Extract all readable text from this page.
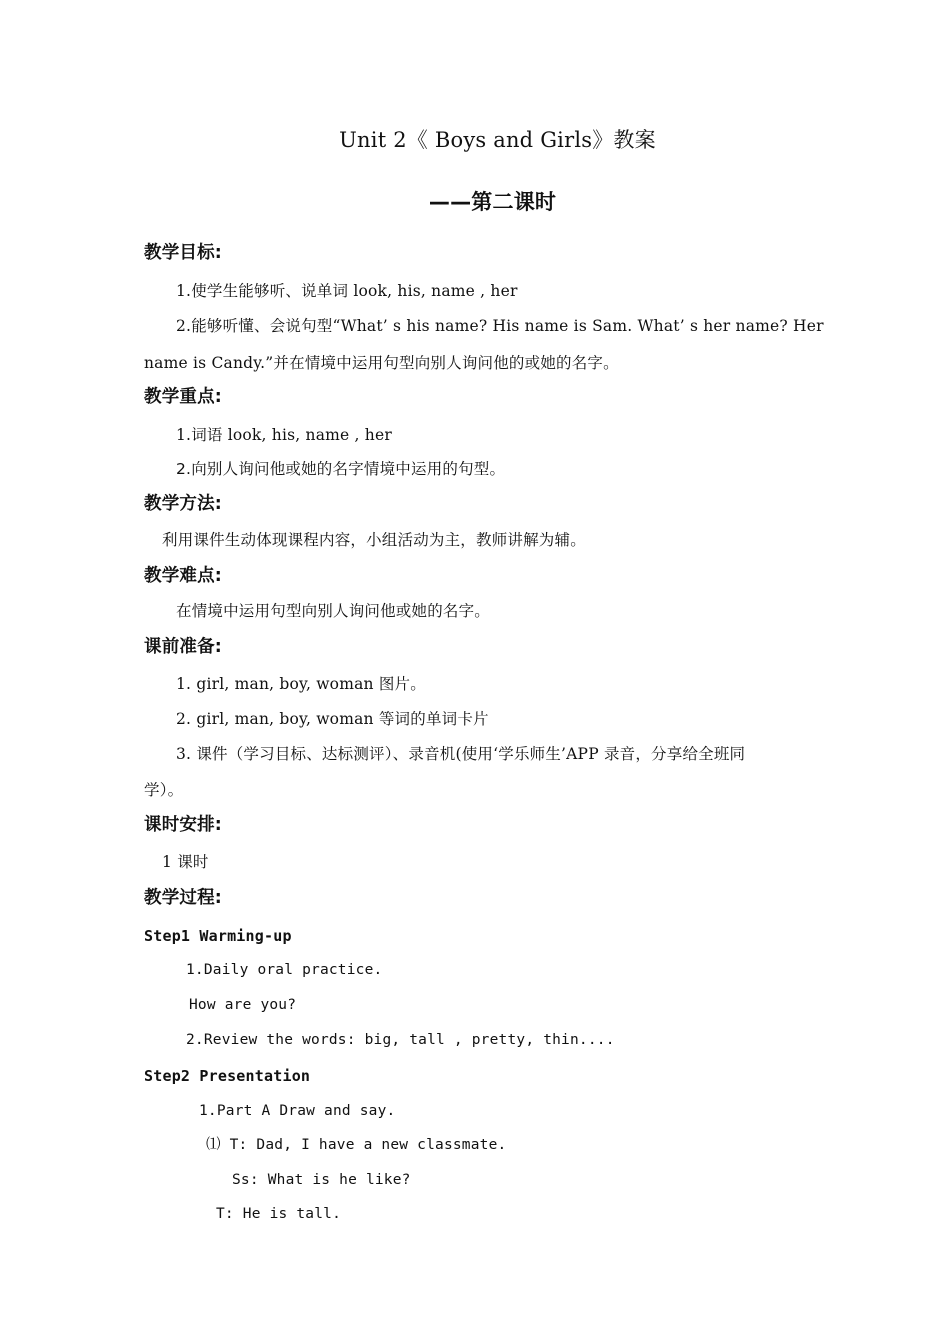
Unit 2《 Boys and Girls》教案
——第二课时
教学目标:
1.使学生能够听、说单词 look, his, name , her
2.能够听懂、会说句型“What’ s his name? His name is Sam. What’ s her name? Her
name is Candy.”并在情境中运用句型向别人询问他的或她的名字。
教学重点:
1.词语 look, his, name , her
2.向别人询问他或她的名字情境中运用的句型。
教学方法:
利用课件生动体现课程内容，小组活动为主，教师讲解为辅。
教学难点:
在情境中运用句型向别人询问他或她的名字。
课前准备:
1. girl, man, boy, woman 图片。
2. girl, man, boy, woman 等词的单词卡片
3. 课件（学习目标、达标测评）、录音机(使用‘学乐师生’APP 录音，分享给全班同
学）。
课时安排:
1 课时
教学过程:
Step1 Warming-up
1.Daily oral practice.
How are you?
2.Review the words: big, tall , pretty, thin....
Step2 Presentation
1.Part A Draw and say.
⑴ T: Dad, I have a new classmate.
Ss: What is he like?
T: He is tall.
